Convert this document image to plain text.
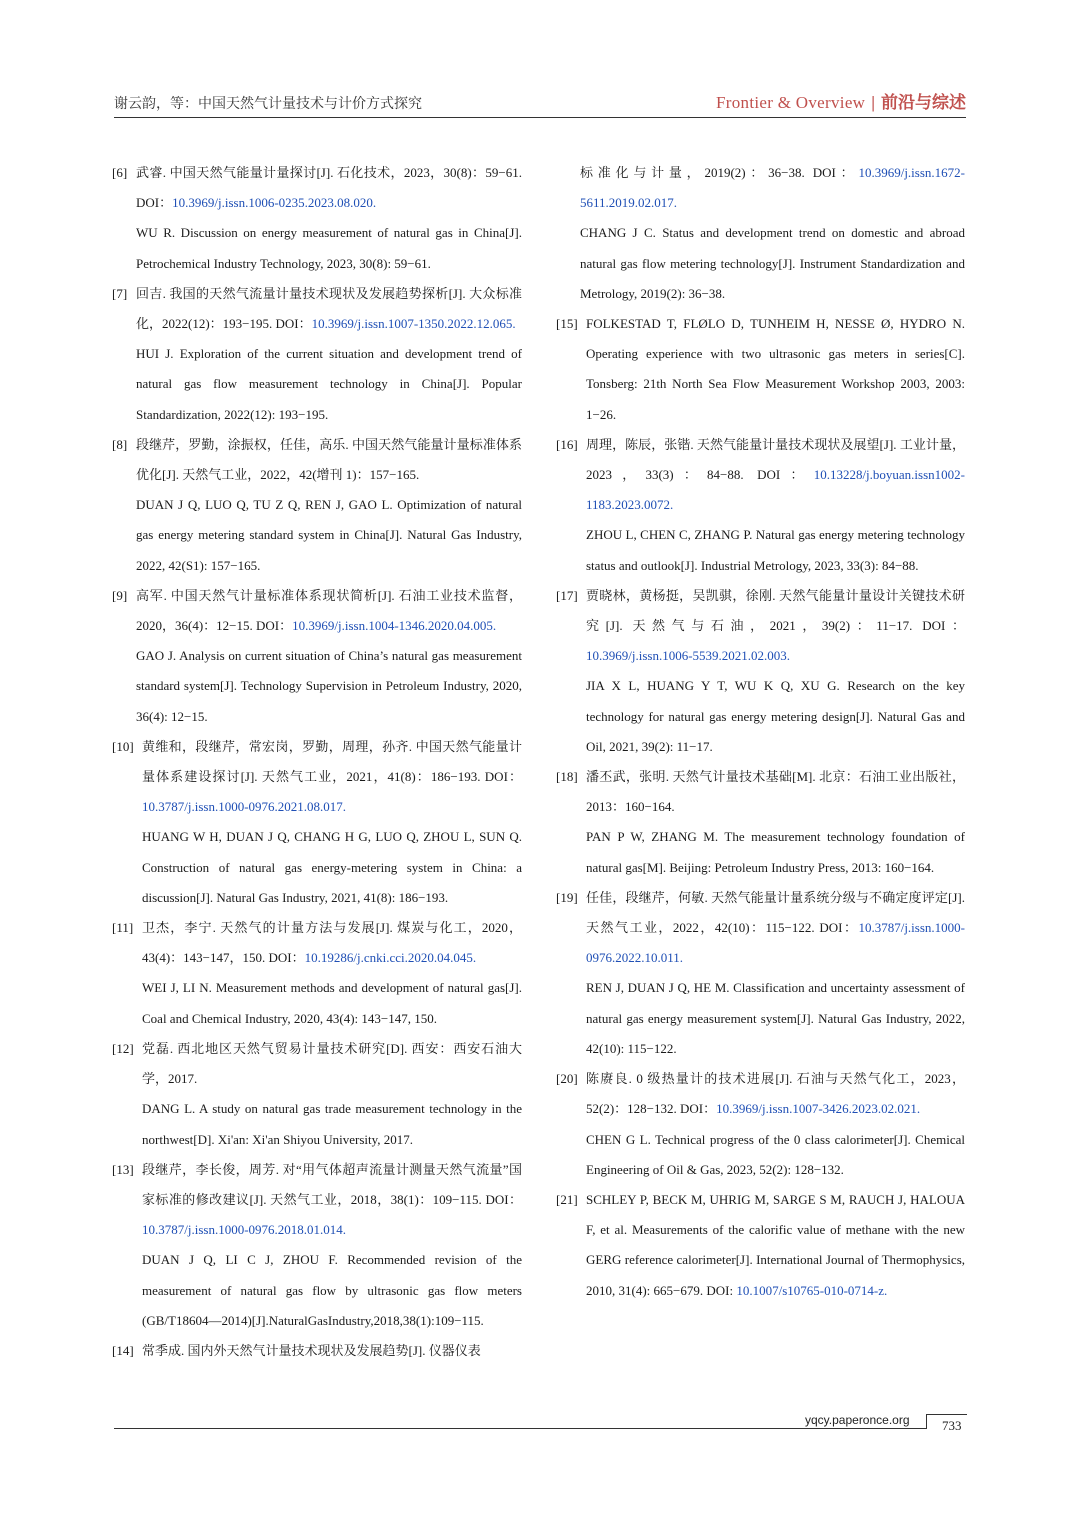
谢云韵，等：中国天然气计量技术与计价方式探究	Frontier & Overview | 前沿与综述
[6] 武睿. 中国天然气能量计量探讨[J]. 石化技术，2023，30(8)：59−61. DOI：10.3969/j.issn.1006-0235.2023.08.020.
WU R. Discussion on energy measurement of natural gas in China[J]. Petrochemical Industry Technology, 2023, 30(8): 59−61.
[7] 回吉. 我国的天然气流量计量技术现状及发展趋势探析[J]. 大众标准化，2022(12)：193−195. DOI：10.3969/j.issn.1007-1350.2022.12.065.
HUI J. Exploration of the current situation and development trend of natural gas flow measurement technology in China[J]. Popular Standardization, 2022(12): 193−195.
[8] 段继芹，罗勤，涂振权，任佳，高乐. 中国天然气能量计量标准体系优化[J]. 天然气工业，2022，42(增刊 1)：157−165.
DUAN J Q, LUO Q, TU Z Q, REN J, GAO L. Optimization of natural gas energy metering standard system in China[J]. Natural Gas Industry, 2022, 42(S1): 157−165.
[9] 高军. 中国天然气计量标准体系现状简析[J]. 石油工业技术监督，2020，36(4)：12−15. DOI：10.3969/j.issn.1004-1346.2020.04.005.
GAO J. Analysis on current situation of China’s natural gas measurement standard system[J]. Technology Supervision in Petroleum Industry, 2020, 36(4): 12−15.
[10] 黄维和，段继芹，常宏岗，罗勤，周理，孙齐. 中国天然气能量计量体系建设探讨[J]. 天然气工业，2021，41(8)：186−193. DOI：10.3787/j.issn.1000-0976.2021.08.017.
HUANG W H, DUAN J Q, CHANG H G, LUO Q, ZHOU L, SUN Q. Construction of natural gas energy-metering system in China: a discussion[J]. Natural Gas Industry, 2021, 41(8): 186−193.
[11] 卫杰，李宁. 天然气的计量方法与发展[J]. 煤炭与化工，2020，43(4)：143−147，150. DOI：10.19286/j.cnki.cci.2020.04.045.
WEI J, LI N. Measurement methods and development of natural gas[J]. Coal and Chemical Industry, 2020, 43(4): 143−147, 150.
[12] 党磊. 西北地区天然气贸易计量技术研究[D]. 西安：西安石油大学，2017.
DANG L. A study on natural gas trade measurement technology in the northwest[D]. Xi'an: Xi'an Shiyou University, 2017.
[13] 段继芹，李长俊，周芳. 对“用气体超声流量计测量天然气流量”国家标准的修改建议[J]. 天然气工业，2018，38(1)：109−115. DOI：10.3787/j.issn.1000-0976.2018.01.014.
DUAN J Q, LI C J, ZHOU F. Recommended revision of the measurement of natural gas flow by ultrasonic gas flow meters (GB/T18604—2014)[J].NaturalGasIndustry,2018,38(1):109−115.
[14] 常季成. 国内外天然气计量技术现状及发展趋势[J]. 仪器仪表
标准化与计量，2019(2)：36−38. DOI：10.3969/j.issn.1672-5611.2019.02.017.
CHANG J C. Status and development trend on domestic and abroad natural gas flow metering technology[J]. Instrument Standardization and Metrology, 2019(2): 36−38.
[15] FOLKESTAD T, FLØLO D, TUNHEIM H, NESSE Ø, HYDRO N. Operating experience with two ultrasonic gas meters in series[C]. Tonsberg: 21th North Sea Flow Measurement Workshop 2003, 2003: 1−26.
[16] 周理，陈辰，张锴. 天然气能量计量技术现状及展望[J]. 工业计量，2023，33(3)：84−88. DOI：10.13228/j.boyuan.issn1002-1183.2023.0072.
ZHOU L, CHEN C, ZHANG P. Natural gas energy metering technology status and outlook[J]. Industrial Metrology, 2023, 33(3): 84−88.
[17] 贾晓林，黄杨挺，吴凯骐，徐刚. 天然气能量计量设计关键技术研究[J]. 天然气与石油，2021，39(2)：11−17. DOI：10.3969/j.issn.1006-5539.2021.02.003.
JIA X L, HUANG Y T, WU K Q, XU G. Research on the key technology for natural gas energy metering design[J]. Natural Gas and Oil, 2021, 39(2): 11−17.
[18] 潘丕武，张明. 天然气计量技术基础[M]. 北京：石油工业出版社，2013：160−164.
PAN P W, ZHANG M. The measurement technology foundation of natural gas[M]. Beijing: Petroleum Industry Press, 2013: 160−164.
[19] 任佳，段继芹，何敏. 天然气能量计量系统分级与不确定度评定[J]. 天然气工业，2022，42(10)：115−122. DOI：10.3787/j.issn.1000-0976.2022.10.011.
REN J, DUAN J Q, HE M. Classification and uncertainty assessment of natural gas energy measurement system[J]. Natural Gas Industry, 2022, 42(10): 115−122.
[20] 陈赓良. 0 级热量计的技术进展[J]. 石油与天然气化工，2023，52(2)：128−132. DOI：10.3969/j.issn.1007-3426.2023.02.021.
CHEN G L. Technical progress of the 0 class calorimeter[J]. Chemical Engineering of Oil & Gas, 2023, 52(2): 128−132.
[21] SCHLEY P, BECK M, UHRIG M, SARGE S M, RAUCH J, HALOUA F, et al. Measurements of the calorific value of methane with the new GERG reference calorimeter[J]. International Journal of Thermophysics, 2010, 31(4): 665−679. DOI: 10.1007/s10765-010-0714-z.
yqcy.paperonce.org 733
